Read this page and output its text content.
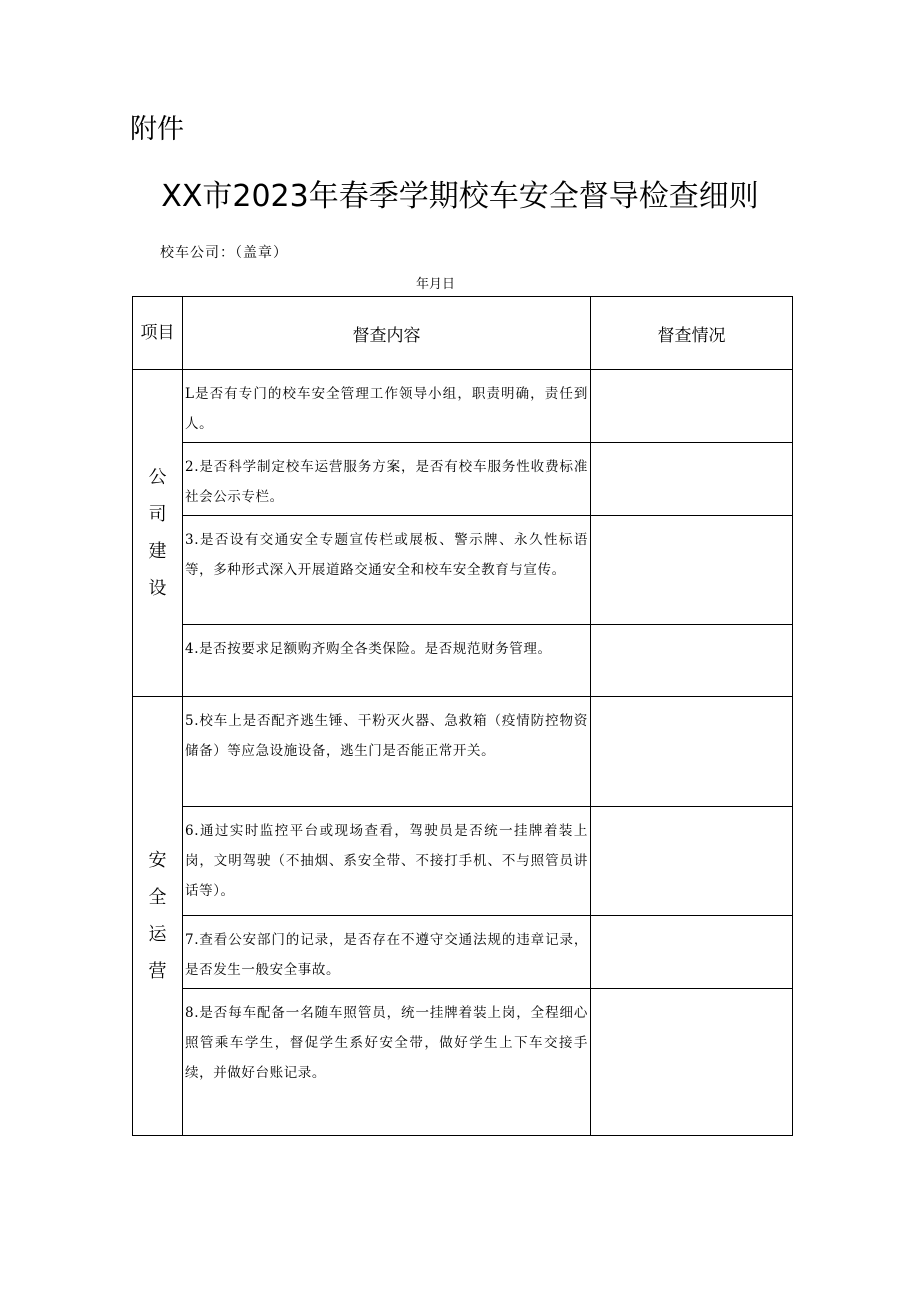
附件
XX市2023年春季学期校车安全督导检查细则
校车公司：（盖章）
年月日
项目	督查内容	督查情况

公
司
建
设	L是否有专门的校车安全管理工作领导小组，职责明确，责任到人。	
	2.是否科学制定校车运营服务方案，是否有校车服务性收费标准社会公示专栏。	
	3.是否设有交通安全专题宣传栏或展板、警示牌、永久性标语等，多种形式深入开展道路交通安全和校车安全教育与宣传。	
	4.是否按要求足额购齐购全各类保险。是否规范财务管理。	

安
全
运
营	5.校车上是否配齐逃生锤、干粉灭火器、急救箱（疫情防控物资储备）等应急设施设备，逃生门是否能正常开关。	
	6.通过实时监控平台或现场查看，驾驶员是否统一挂牌着装上岗，文明驾驶（不抽烟、系安全带、不接打手机、不与照管员讲话等）。	
	7.查看公安部门的记录，是否存在不遵守交通法规的违章记录，是否发生一般安全事故。	
	8.是否每车配备一名随车照管员，统一挂牌着装上岗，全程细心照管乘车学生，督促学生系好安全带，做好学生上下车交接手续，并做好台账记录。	
